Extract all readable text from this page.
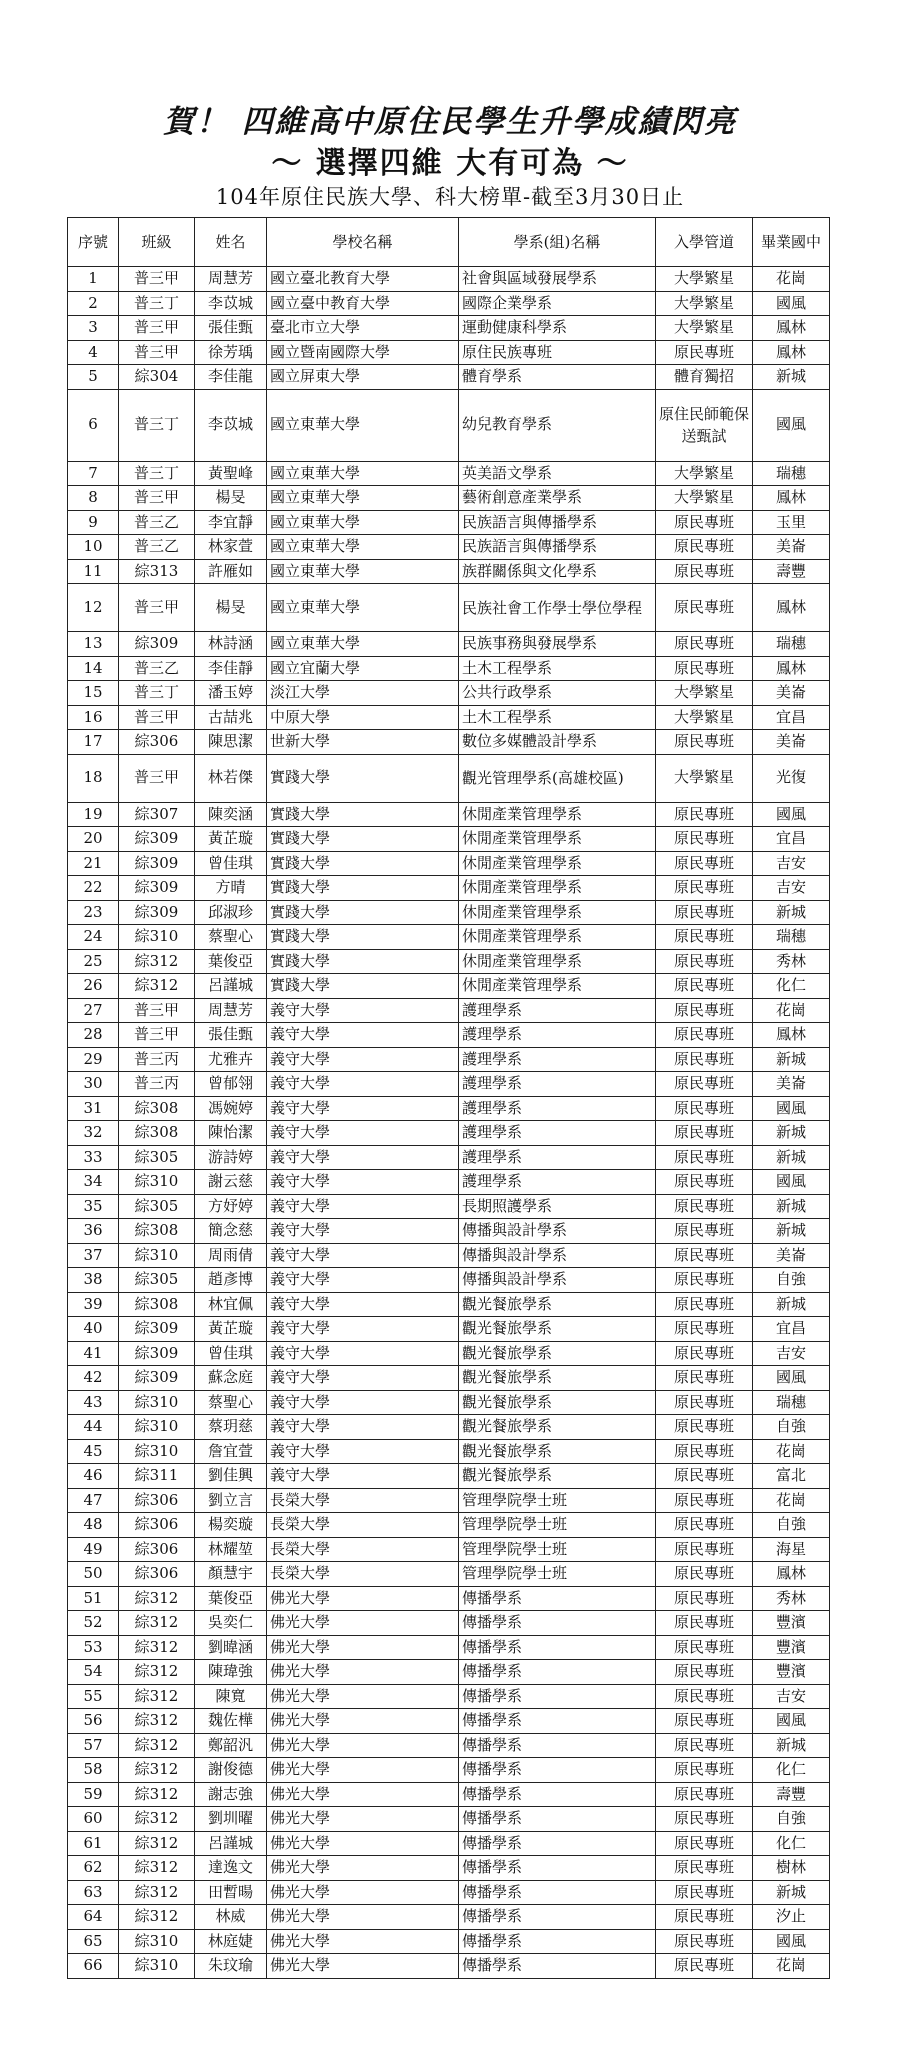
賀！ 四維高中原住民學生升學成績閃亮
～ 選擇四維 大有可為 ～
104年原住民族大學、科大榜單-截至3月30日止
序號	班級	姓名	學校名稱	學系(組)名稱	入學管道	畢業國中
1	普三甲	周慧芳	國立臺北教育大學	社會與區域發展學系	大學繁星	花崗
2	普三丁	李苡城	國立臺中教育大學	國際企業學系	大學繁星	國風
3	普三甲	張佳甄	臺北市立大學	運動健康科學系	大學繁星	鳳林
4	普三甲	徐芳瑀	國立暨南國際大學	原住民族專班	原民專班	鳳林
5	綜304	李佳龍	國立屏東大學	體育學系	體育獨招	新城
6	普三丁	李苡城	國立東華大學	幼兒教育學系	原住民師範保送甄試	國風
7	普三丁	黃聖峰	國立東華大學	英美語文學系	大學繁星	瑞穗
8	普三甲	楊旻	國立東華大學	藝術創意產業學系	大學繁星	鳳林
9	普三乙	李宜靜	國立東華大學	民族語言與傳播學系	原民專班	玉里
10	普三乙	林家萱	國立東華大學	民族語言與傳播學系	原民專班	美崙
11	綜313	許雁如	國立東華大學	族群關係與文化學系	原民專班	壽豐
12	普三甲	楊旻	國立東華大學	民族社會工作學士學位學程	原民專班	鳳林
13	綜309	林詩涵	國立東華大學	民族事務與發展學系	原民專班	瑞穗
14	普三乙	李佳靜	國立宜蘭大學	土木工程學系	原民專班	鳳林
15	普三丁	潘玉婷	淡江大學	公共行政學系	大學繁星	美崙
16	普三甲	古喆兆	中原大學	土木工程學系	大學繁星	宜昌
17	綜306	陳思潔	世新大學	數位多媒體設計學系	原民專班	美崙
18	普三甲	林若傑	實踐大學	觀光管理學系(高雄校區)	大學繁星	光復
19	綜307	陳奕涵	實踐大學	休閒產業管理學系	原民專班	國風
20	綜309	黃芷璇	實踐大學	休閒產業管理學系	原民專班	宜昌
21	綜309	曾佳琪	實踐大學	休閒產業管理學系	原民專班	吉安
22	綜309	方晴	實踐大學	休閒產業管理學系	原民專班	吉安
23	綜309	邱淑珍	實踐大學	休閒產業管理學系	原民專班	新城
24	綜310	蔡聖心	實踐大學	休閒產業管理學系	原民專班	瑞穗
25	綜312	葉俊亞	實踐大學	休閒產業管理學系	原民專班	秀林
26	綜312	呂謹城	實踐大學	休閒產業管理學系	原民專班	化仁
27	普三甲	周慧芳	義守大學	護理學系	原民專班	花崗
28	普三甲	張佳甄	義守大學	護理學系	原民專班	鳳林
29	普三丙	尤雅卉	義守大學	護理學系	原民專班	新城
30	普三丙	曾郁翎	義守大學	護理學系	原民專班	美崙
31	綜308	馮婉婷	義守大學	護理學系	原民專班	國風
32	綜308	陳怡潔	義守大學	護理學系	原民專班	新城
33	綜305	游詩婷	義守大學	護理學系	原民專班	新城
34	綜310	謝云慈	義守大學	護理學系	原民專班	國風
35	綜305	方妤婷	義守大學	長期照護學系	原民專班	新城
36	綜308	簡念慈	義守大學	傳播與設計學系	原民專班	新城
37	綜310	周雨倩	義守大學	傳播與設計學系	原民專班	美崙
38	綜305	趙彥博	義守大學	傳播與設計學系	原民專班	自強
39	綜308	林宜佩	義守大學	觀光餐旅學系	原民專班	新城
40	綜309	黃芷璇	義守大學	觀光餐旅學系	原民專班	宜昌
41	綜309	曾佳琪	義守大學	觀光餐旅學系	原民專班	吉安
42	綜309	蘇念庭	義守大學	觀光餐旅學系	原民專班	國風
43	綜310	蔡聖心	義守大學	觀光餐旅學系	原民專班	瑞穗
44	綜310	蔡玥慈	義守大學	觀光餐旅學系	原民專班	自強
45	綜310	詹宜萱	義守大學	觀光餐旅學系	原民專班	花崗
46	綜311	劉佳興	義守大學	觀光餐旅學系	原民專班	富北
47	綜306	劉立言	長榮大學	管理學院學士班	原民專班	花崗
48	綜306	楊奕璇	長榮大學	管理學院學士班	原民專班	自強
49	綜306	林耀堃	長榮大學	管理學院學士班	原民專班	海星
50	綜306	顏慧宇	長榮大學	管理學院學士班	原民專班	鳳林
51	綜312	葉俊亞	佛光大學	傳播學系	原民專班	秀林
52	綜312	吳奕仁	佛光大學	傳播學系	原民專班	豐濱
53	綜312	劉暐涵	佛光大學	傳播學系	原民專班	豐濱
54	綜312	陳瑋強	佛光大學	傳播學系	原民專班	豐濱
55	綜312	陳寬	佛光大學	傳播學系	原民專班	吉安
56	綜312	魏佐樺	佛光大學	傳播學系	原民專班	國風
57	綜312	鄭韶汎	佛光大學	傳播學系	原民專班	新城
58	綜312	謝俊德	佛光大學	傳播學系	原民專班	化仁
59	綜312	謝志強	佛光大學	傳播學系	原民專班	壽豐
60	綜312	劉圳曜	佛光大學	傳播學系	原民專班	自強
61	綜312	呂謹城	佛光大學	傳播學系	原民專班	化仁
62	綜312	達逸文	佛光大學	傳播學系	原民專班	樹林
63	綜312	田暫暘	佛光大學	傳播學系	原民專班	新城
64	綜312	林威	佛光大學	傳播學系	原民專班	汐止
65	綜310	林庭婕	佛光大學	傳播學系	原民專班	國風
66	綜310	朱玟瑜	佛光大學	傳播學系	原民專班	花崗
